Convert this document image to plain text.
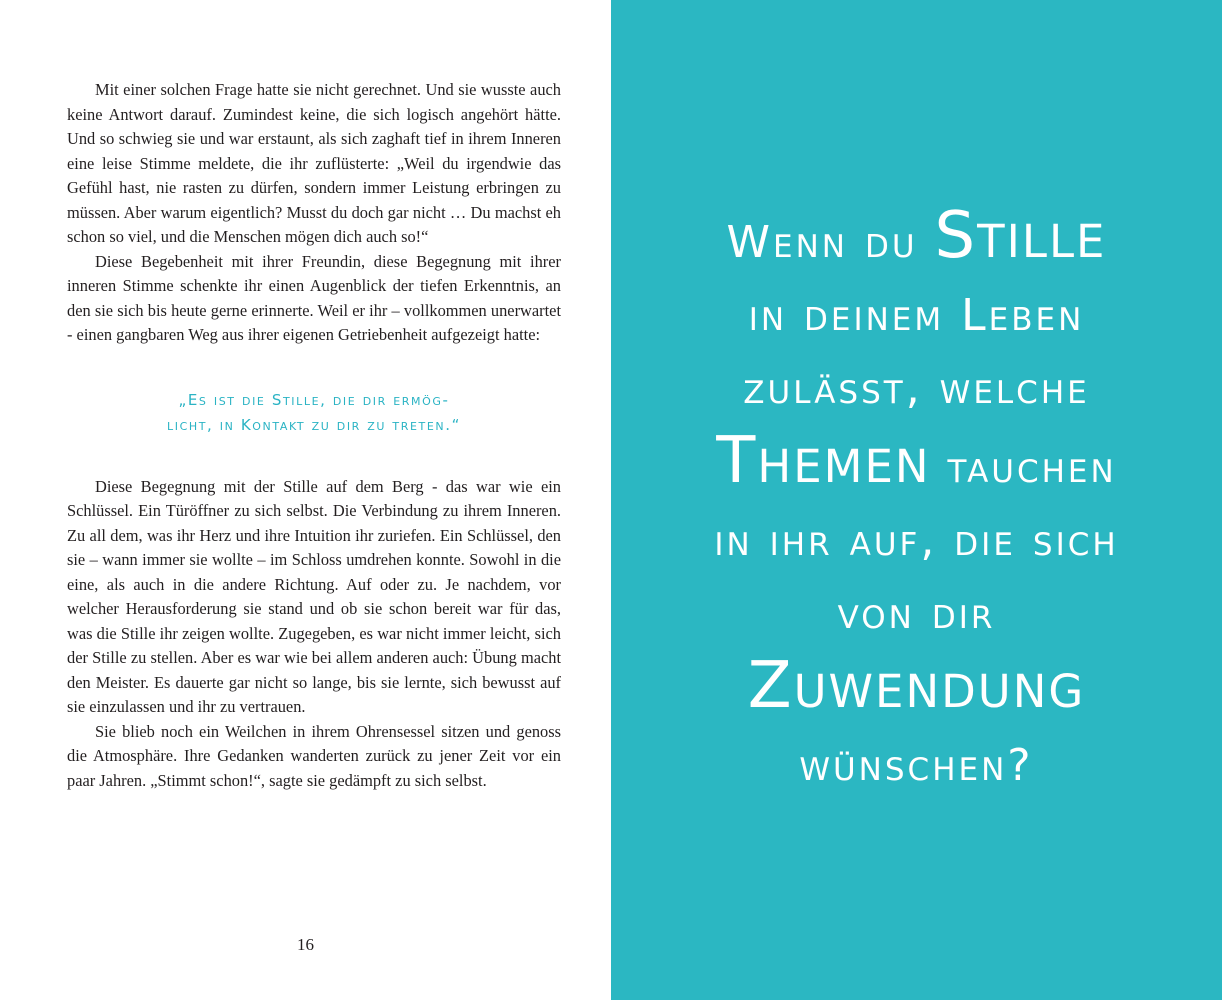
Mit einer solchen Frage hatte sie nicht gerechnet. Und sie wusste auch keine Antwort darauf. Zumindest keine, die sich logisch angehört hätte. Und so schwieg sie und war erstaunt, als sich zaghaft tief in ihrem Inneren eine leise Stimme meldete, die ihr zuflüsterte: „Weil du irgendwie das Gefühl hast, nie rasten zu dürfen, sondern immer Leistung erbringen zu müssen. Aber warum eigentlich? Musst du doch gar nicht … Du machst eh schon so viel, und die Menschen mögen dich auch so!“

Diese Begebenheit mit ihrer Freundin, diese Begegnung mit ihrer inneren Stimme schenkte ihr einen Augenblick der tiefen Erkenntnis, an den sie sich bis heute gerne erinnerte. Weil er ihr – vollkommen unerwartet - einen gangbaren Weg aus ihrer eigenen Getriebenheit aufgezeigt hatte:

„Es ist die Stille, die dir ermög-
licht, in Kontakt zu dir zu treten.“

Diese Begegnung mit der Stille auf dem Berg - das war wie ein Schlüssel. Ein Türöffner zu sich selbst. Die Verbindung zu ihrem Inneren. Zu all dem, was ihr Herz und ihre Intuition ihr zuriefen. Ein Schlüssel, den sie – wann immer sie wollte – im Schloss umdrehen konnte. Sowohl in die eine, als auch in die andere Richtung. Auf oder zu. Je nachdem, vor welcher Herausforderung sie stand und ob sie schon bereit war für das, was die Stille ihr zeigen wollte. Zugegeben, es war nicht immer leicht, sich der Stille zu stellen. Aber es war wie bei allem anderen auch: Übung macht den Meister. Es dauerte gar nicht so lange, bis sie lernte, sich bewusst auf sie einzulassen und ihr zu vertrauen.

Sie blieb noch ein Weilchen in ihrem Ohrensessel sitzen und genoss die Atmosphäre. Ihre Gedanken wanderten zurück zu jener Zeit vor ein paar Jahren. „Stimmt schon!“, sagte sie gedämpft zu sich selbst.

16
Wenn du Stille
in deinem Leben
zulässt, welche
Themen tauchen
in ihr auf, die sich
von dir
Zuwendung
wünschen?
